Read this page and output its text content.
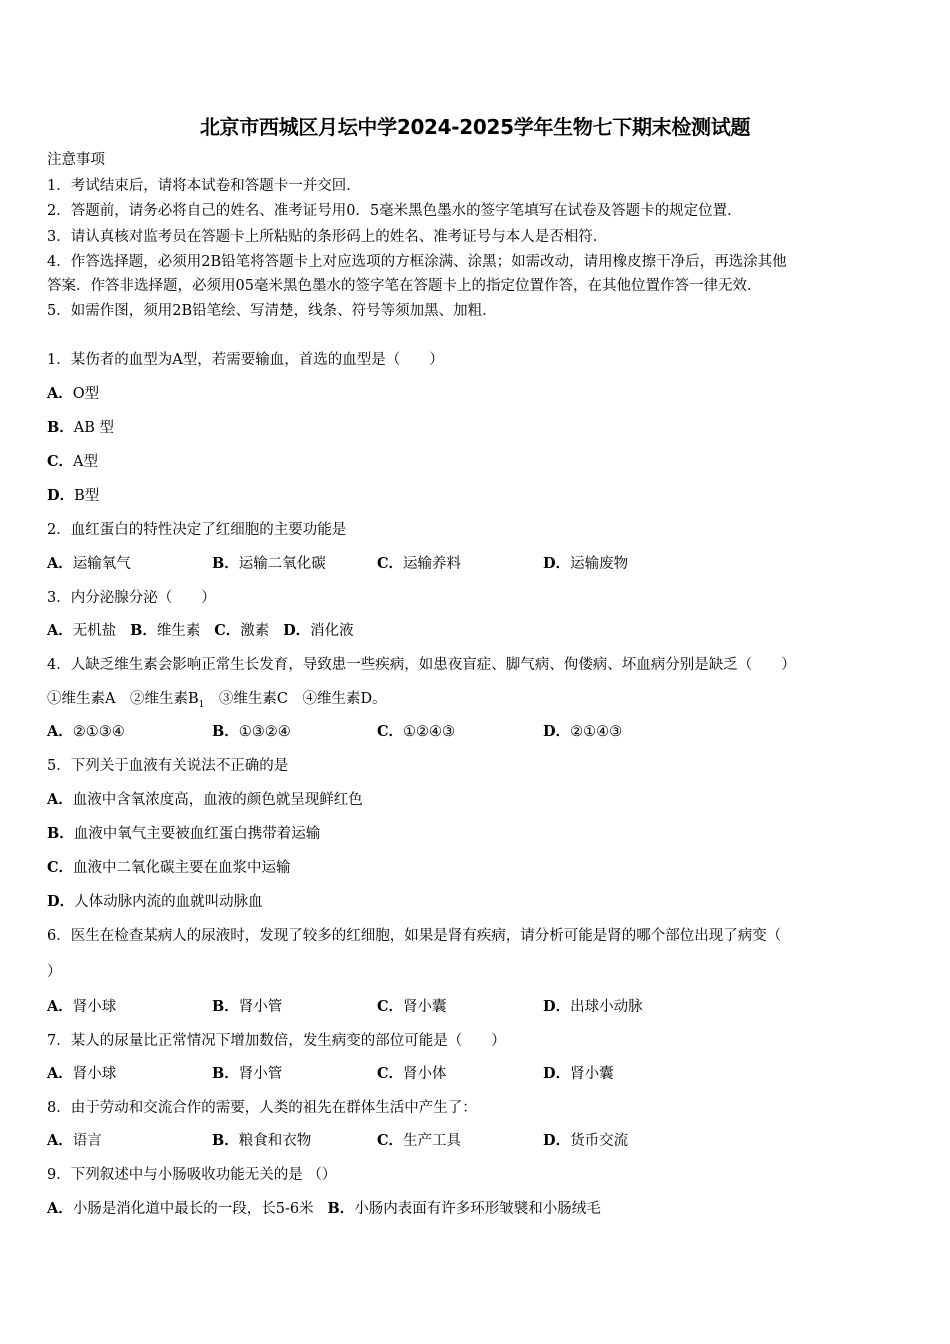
北京市西城区月坛中学2024-2025学年生物七下期末检测试题
注意事项
1．考试结束后，请将本试卷和答题卡一并交回．
2．答题前，请务必将自己的姓名、准考证号用0．5毫米黑色墨水的签字笔填写在试卷及答题卡的规定位置．
3．请认真核对监考员在答题卡上所粘贴的条形码上的姓名、准考证号与本人是否相符．
4．作答选择题，必须用2B铅笔将答题卡上对应选项的方框涂满、涂黑；如需改动，请用橡皮擦干净后，再选涂其他
答案．作答非选择题，必须用05毫米黑色墨水的签字笔在答题卡上的指定位置作答，在其他位置作答一律无效．
5．如需作图，须用2B铅笔绘、写清楚，线条、符号等须加黑、加粗．
1．某伤者的血型为A型，若需要输血，首选的血型是（　　）
A．O型
B．AB 型
C．A型
D．B型
2．血红蛋白的特性决定了红细胞的主要功能是
A．运输氧气	B．运输二氧化碳	C．运输养料	D．运输废物
3．内分泌腺分泌（　　）
A．无机盐 B．维生素 C．激素 D．消化液
4．人缺乏维生素会影响正常生长发育，导致患一些疾病，如患夜盲症、脚气病、佝偻病、坏血病分别是缺乏（　　）
①维生素A　②维生素$B_1$　③维生素C　④维生素D。
A．②①③④	B．①③②④	C．①②④③	D．②①④③
5．下列关于血液有关说法不正确的是
A．血液中含氧浓度高，血液的颜色就呈现鲜红色
B．血液中氧气主要被血红蛋白携带着运输
C．血液中二氧化碳主要在血浆中运输
D．人体动脉内流的血就叫动脉血
6．医生在检查某病人的尿液时，发现了较多的红细胞，如果是肾有疾病，请分析可能是肾的哪个部位出现了病变（
）
A．肾小球	B．肾小管	C．肾小囊	D．出球小动脉
7．某人的尿量比正常情况下增加数倍，发生病变的部位可能是（　　）
A．肾小球	B．肾小管	C．肾小体	D．肾小囊
8．由于劳动和交流合作的需要，人类的祖先在群体生活中产生了：
A．语言	B．粮食和衣物	C．生产工具	D．货币交流
9．下列叙述中与小肠吸收功能无关的是 （）
A．小肠是消化道中最长的一段，长5-6米 B．小肠内表面有许多环形皱襞和小肠绒毛
